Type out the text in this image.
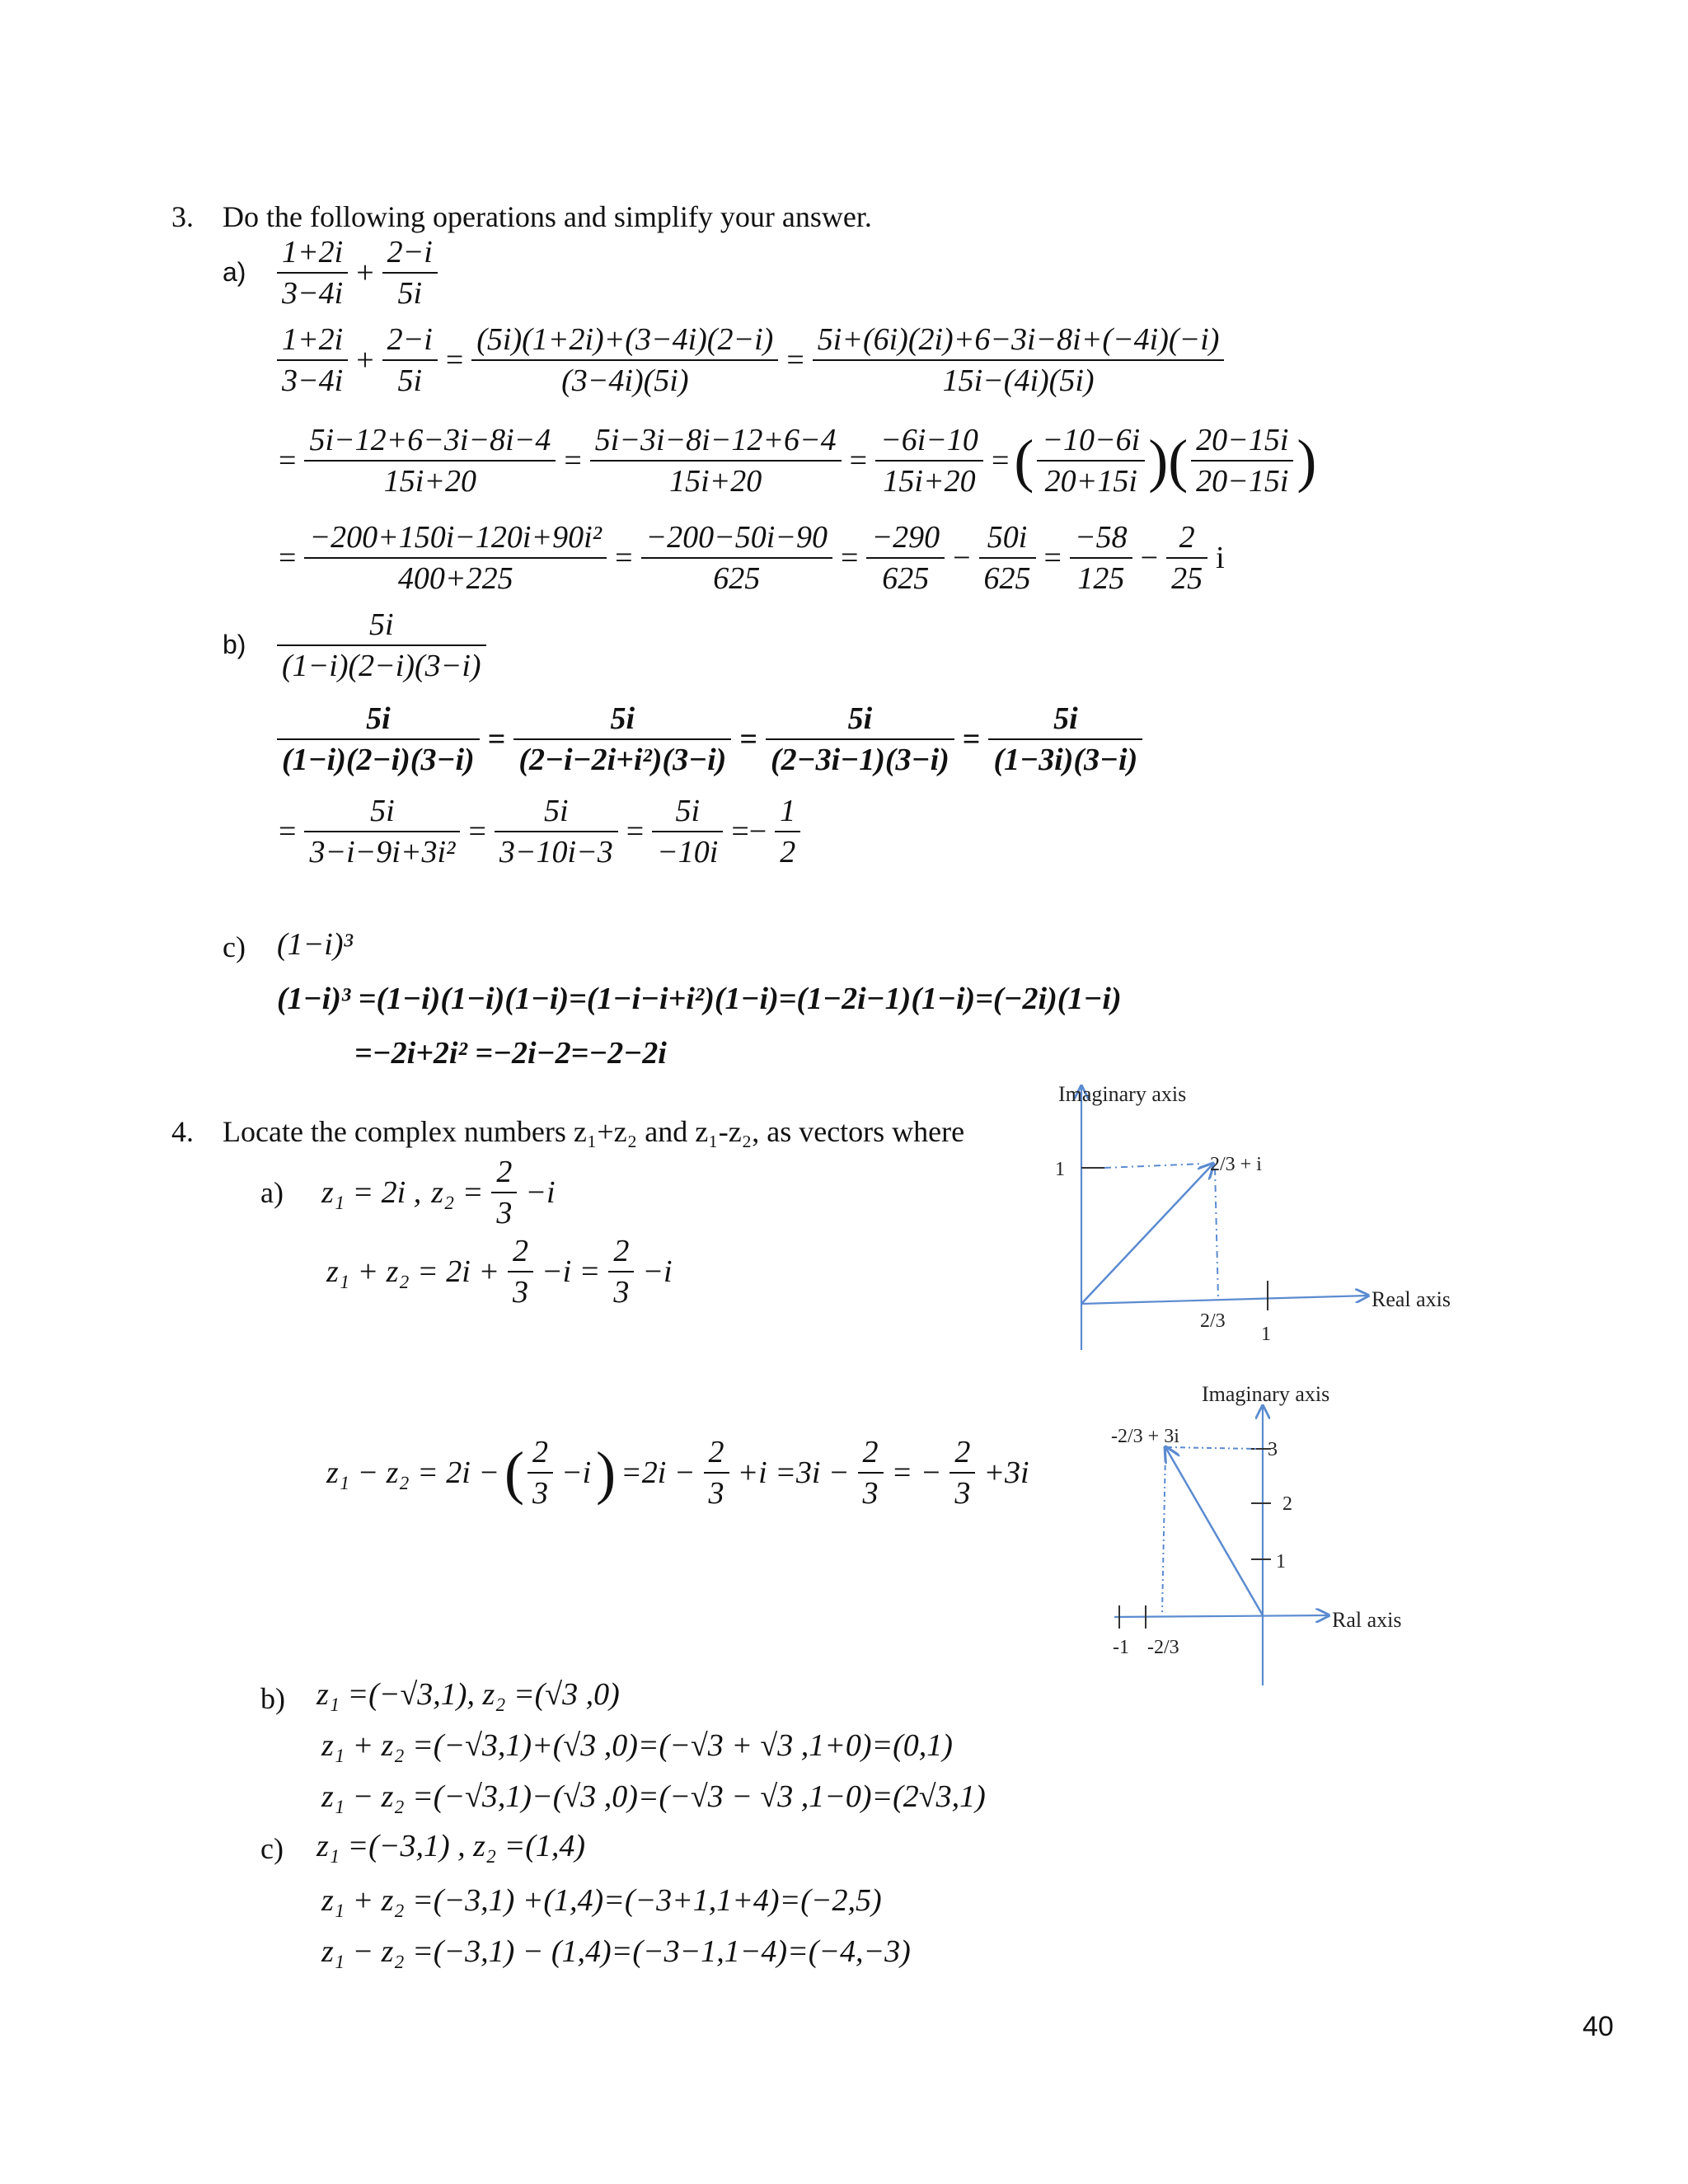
3. Do the following operations and simplify your answer.
$a) \frac{1+2i}{3-4i} + \frac{2-i}{5i}$
$\frac{1+2i}{3-4i} + \frac{2-i}{5i} = \frac{(5i)(1+2i)+(3-4i)(2-i)}{(3-4i)(5i)} = \frac{5i+(6i)(2i)+6-3i-8i+(-4i)(-i)}{15i-(4i)(5i)}$
= $\frac{5i-12+6-3i-8i-4}{15i+20} = \frac{5i-3i-8i-12+6-4}{15i+20} = \frac{-6i-10}{15i+20}$ =( $\frac{-10-6i}{20+15i}$ )( $\frac{20-15i}{20-15i}$ )
= $\frac{\text{−200+150i−120i+90i²}}{400+225} = \frac{-200-50i-90}{625} = \frac{-290}{625} - \frac{50i}{625} = \frac{-58}{125} - \frac{2}{25}$ i
$b) \frac{5i}{(1-i)(2-i)(3-i)}$
$\frac{5i}{(1-i)(2-i)(3-i)} = \frac{5i}{\text{(2−i−2i+i²)(3−i)}} = \frac{5i}{(2-3i-1)(3-i)} = \frac{5i}{(1-3i)(3-i)}$
= $\frac{5i}{\text{3−i−9i+3i²}} = \frac{5i}{3-10i-3} = \frac{5i}{-10i} =- \frac{1}{2}$
c) (1−i)³
(1−i)³ =(1−i)(1−i)(1−i)=(1−i−i+i²)(1−i)=(1−2i−1)(1−i)=(−2i)(1−i)
=−2i+2i² =−2i−2=−2−2i
4. Locate the complex numbers z₁+z₂ and z₁-z₂, as vectors where
a) z₁ = 2i , $z_2 = \frac{2}{3} -i$
$z_1 + z_2 = 2i + \frac{2}{3} -i = \frac{2}{3} -i$
z₁ − z₂ = 2i −( $\frac{2}{3} -i) =2i - \frac{2}{3} +i =3i - \frac{2}{3}$ = − $\frac{2}{3} +3i$
b) z₁ =(−√3,1), z₂ =(√3 ,0)
z₁ + z₂ =(−√3,1)+(√3 ,0)=(−√3 + √3 ,1+0)=(0,1)
z₁ − z₂ =(−√3,1)−(√3 ,0)=(−√3 − √3 ,1−0)=(2√3,1)
c) z₁ =(−3,1) , z₂ =(1,4)
z₁ + z₂ =(−3,1) +(1,4)=(−3+1,1+4)=(−2,5)
z₁ − z₂ =(−3,1) − (1,4)=(−3−1,1−4)=(−4,−3)
Imaginary axis
Real axis
2/3 + i
1
2/3
1
Imaginary axis
Ral axis
-2/3 + 3i
3
2
1
-1 -2/3
40
